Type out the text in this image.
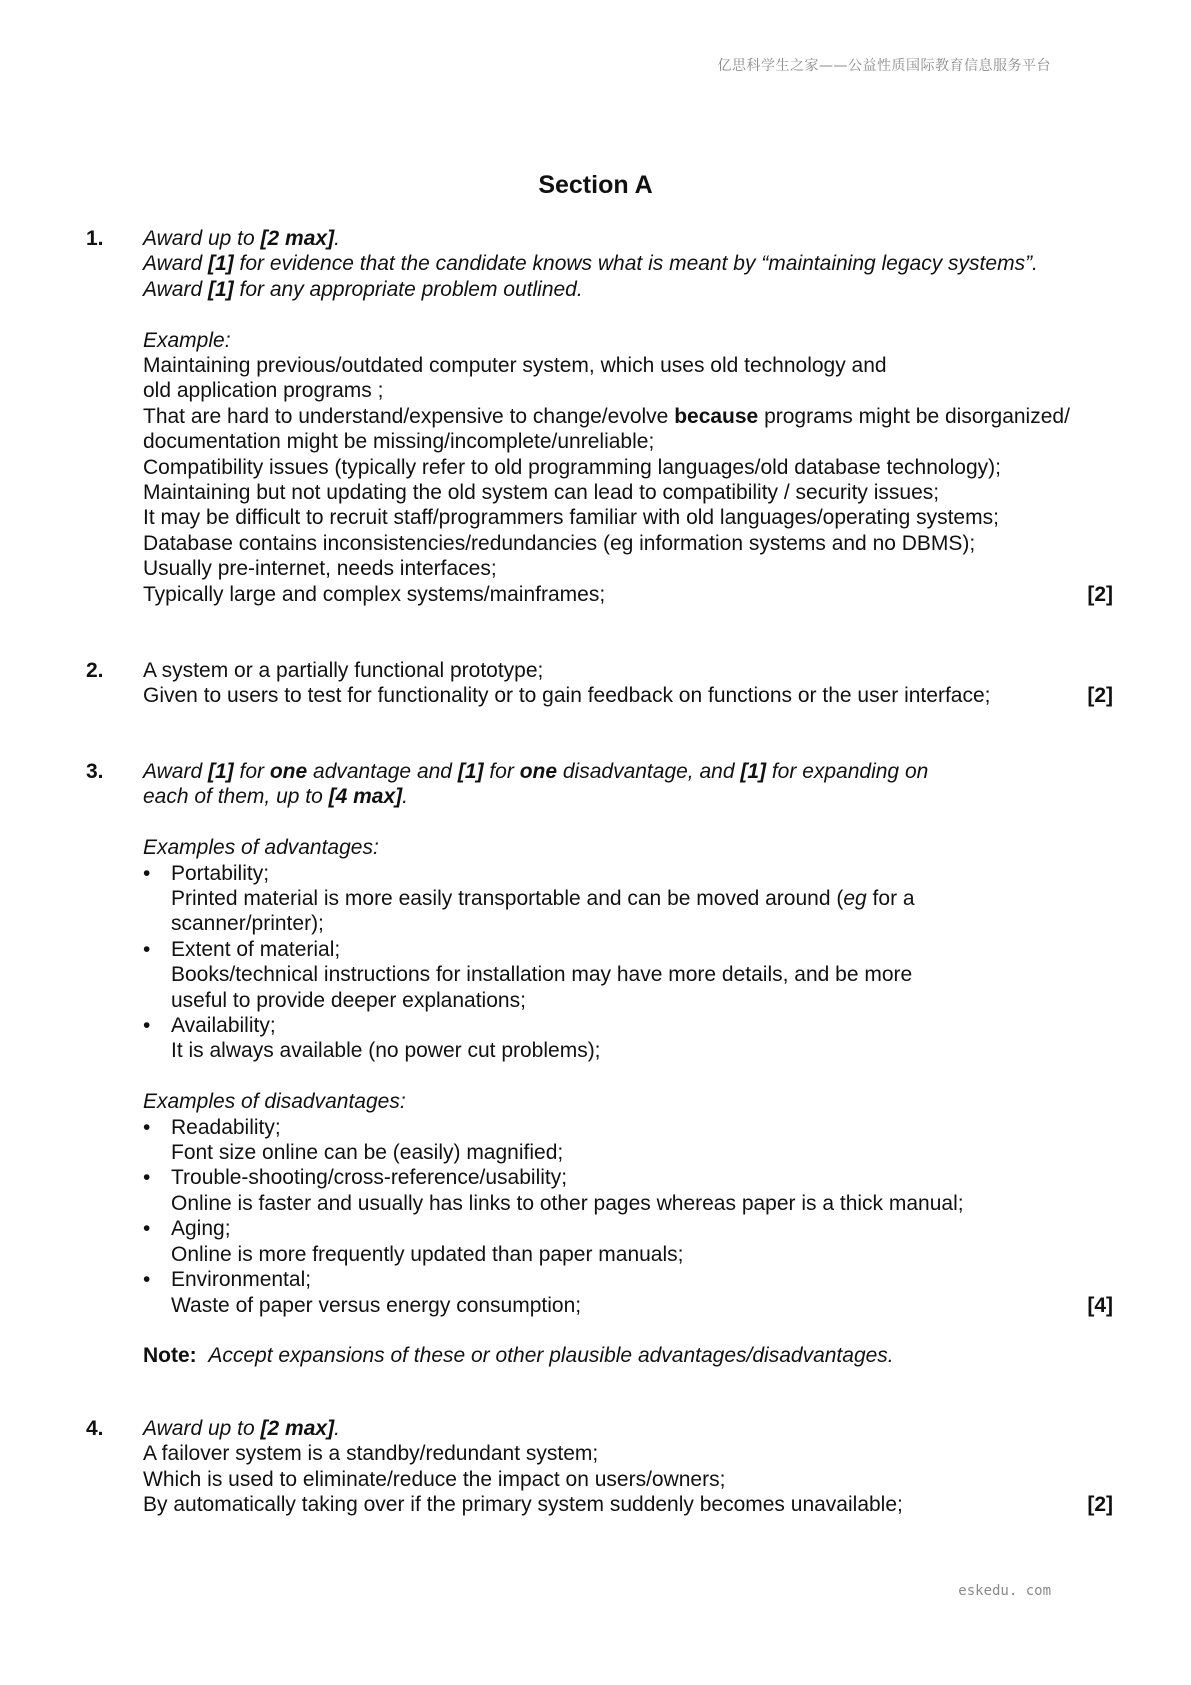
亿思科学生之家——公益性质国际教育信息服务平台
Section A
1. Award up to [2 max].
Award [1] for evidence that the candidate knows what is meant by “maintaining legacy systems”.
Award [1] for any appropriate problem outlined.
Example:
Maintaining previous/outdated computer system, which uses old technology and
old application programs ;
That are hard to understand/expensive to change/evolve because programs might be disorganized/
documentation might be missing/incomplete/unreliable;
Compatibility issues (typically refer to old programming languages/old database technology);
Maintaining but not updating the old system can lead to compatibility / security issues;
It may be difficult to recruit staff/programmers familiar with old languages/operating systems;
Database contains inconsistencies/redundancies (eg information systems and no DBMS);
Usually pre-internet, needs interfaces;
Typically large and complex systems/mainframes;	[2]
2. A system or a partially functional prototype;
Given to users to test for functionality or to gain feedback on functions or the user interface;	[2]
3. Award [1] for one advantage and [1] for one disadvantage, and [1] for expanding on
each of them, up to [4 max].
Examples of advantages:
• Portability;
Printed material is more easily transportable and can be moved around (eg for a
scanner/printer);
• Extent of material;
Books/technical instructions for installation may have more details, and be more
useful to provide deeper explanations;
• Availability;
It is always available (no power cut problems);
Examples of disadvantages:
• Readability;
Font size online can be (easily) magnified;
• Trouble-shooting/cross-reference/usability;
Online is faster and usually has links to other pages whereas paper is a thick manual;
• Aging;
Online is more frequently updated than paper manuals;
• Environmental;
Waste of paper versus energy consumption;	[4]
Note: Accept expansions of these or other plausible advantages/disadvantages.
4. Award up to [2 max].
A failover system is a standby/redundant system;
Which is used to eliminate/reduce the impact on users/owners;
By automatically taking over if the primary system suddenly becomes unavailable;	[2]
eskedu. com
